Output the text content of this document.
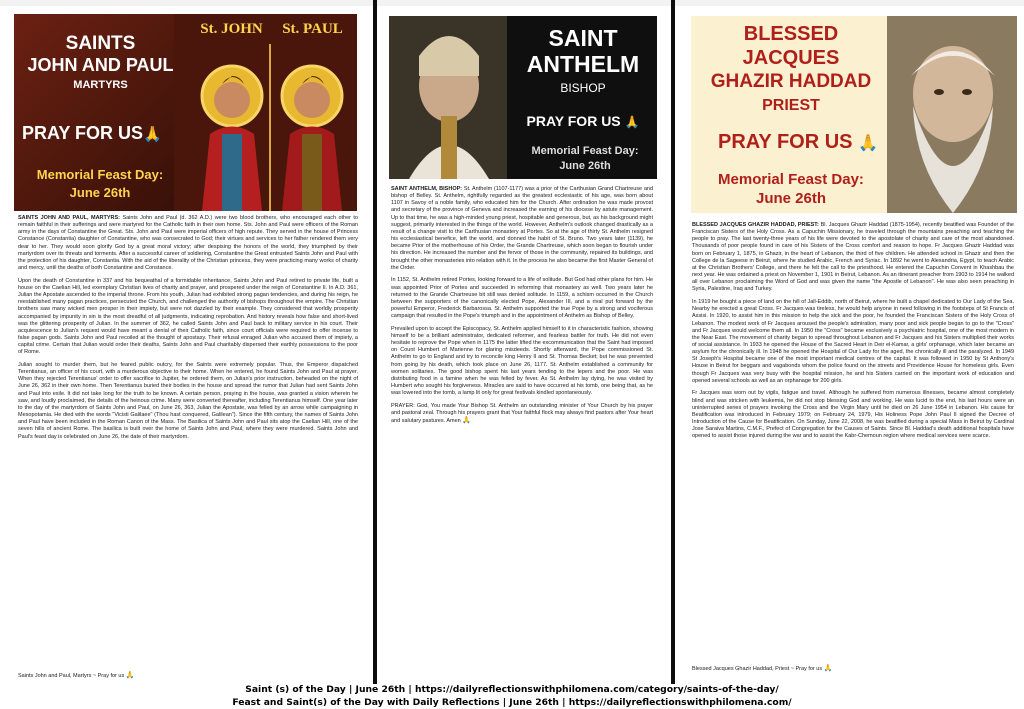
SAINTS
JOHN AND PAUL
MARTYRS
St. JOHN	St. PAUL
PRAY FOR US🙏
Memorial Feast Day:
June 26th

SAINTS JOHN AND PAUL, MARTYRS: Saints John and Paul (d. 362 A.D.) were two blood brothers, who encouraged each other to remain faithful in their sufferings and were martyred for the Catholic faith in their own home. Sts. John and Paul were officers of the Roman army in the days of Constantine the Great. Sts. John and Paul were imperial officers of high repute. They served in the house of Princess Constance (Constantia) daughter of Constantine, who was consecrated to God; their virtues and services to her father rendered them very dear to her. They would soon glorify God by a great moral victory; after despising the honors of the world, they triumphed by their martyrdom over its threats and torments. After a successful career of soldiering, Constantine the Great entrusted Saints John and Paul with the protection of his daughter, Constantia. With the aid of the liberality of the Christian princess, they were practicing many works of charity and mercy, until the deaths of both Constantine and Constance.

Upon the death of Constantine in 337 and his bequeathal of a formidable inheritance, Saints John and Paul retired to private life, built a house on the Caelian Hill, led exemplary Christian lives of charity and prayer, and prospered under the reign of Constantine II. In A.D. 361, Julian the Apostate ascended to the imperial throne. From his youth, Julian had exhibited strong pagan tendencies, and during his reign, he reestablished many pagan practices, persecuted the Church, and challenged the authority of bishops throughout the empire. The Christian brothers saw many wicked men prosper in their impiety, but were not dazzled by their example. They considered that worldly prosperity accompanied by impunity in sin is the most dreadful of all judgments, indicating reprobation. And history reveals how false and short-lived was the glittering prosperity of Julian. In the summer of 362, he called Saints John and Paul back to military service in his court. Their acquiescence to Julian's request would have meant a denial of their Catholic faith, since court officials were required to offer incense to false pagan gods. Saints John and Paul recoiled at the thought of apostasy. Their refusal enraged Julian who accused them of impiety, a capital crime. Certain that Julian would order their deaths, Saints John and Paul charitably dispersed their earthly possessions to the poor of Rome.

Julian sought to murder them, but he feared public outcry, for the Saints were extremely popular. Thus, the Emperor dispatched Terentianus, an officer of his court, with a murderous objective to their home. When he entered, he found Saints John and Paul at prayer. When they rejected Terentianus' order to offer sacrifice to Jupiter, he ordered them, on Julian's prior instruction, beheaded on the night of June 26, 362 in their own home. Then Terentianus buried their bodies in the house and spread the rumor that Julian had sent Saints John and Paul into exile. It did not take long for the truth to be known. A certain person, praying in the house, was granted a vision wherein he saw, and loudly proclaimed, the details of the heinous crime. Many were converted thereafter, including Terentianus himself. One year later to the day of the martyrdom of Saints John and Paul, on June 26, 363, Julian the Apostate, was felled by an arrow while campaigning in Mesopotamia. He died with the words "Vicisti Galilaee" (Thou hast conquered, Galilean"). Since the fifth century, the names of Saints John and Paul have been included in the Roman Canon of the Mass. The Basilica of Saints John and Paul sits atop the Caelian Hill, one of the seven hills of ancient Rome. The basilica is built over the home of Saints John and Paul, where they were murdered. Saints John and Paul's feast day is celebrated on June 26, the date of their martyrdom.

Saints John and Paul, Martyrs ~ Pray for us 🙏
SAINT
ANTHELM
BISHOP
PRAY FOR US 🙏
Memorial Feast Day:
June 26th

SAINT ANTHELM, BISHOP: St. Anthelm (1107-1177) was a prior of the Carthusian Grand Chartreuse and bishop of Belley. St. Anthelm, rightfully regarded as the greatest ecclesiastic of his age, was born about 1107 in Savoy of a noble family, who educated him for the Church. After ordination he was made provost and secretary of the province of Geneva and increased the earning of his diocese by astute management. Up to that time, he was a high-minded young priest, hospitable and generous, but, as his background might suggest, primarily interested in the things of the world. However, Anthelm's outlook changed drastically as a result of a change visit to the Carthusian monastery at Portes. So at the age of thirty St. Anthelm resigned his ecclesiastical benefice, left the world, and donned the habit of St. Bruno. Two years later (1139), he became Prior of the motherhouse of his Order, the Grande Chartreuse, which soon began to flourish under his direction. He increased the number and the fervor of those in the community, repaired its buildings, and brought the other monasteries into relation with it. In the process he also became the first Master General of the Order.

In 1152, St. Anthelm retired Portes, looking forward to a life of solitude. But God had other plans for him. He was appointed Prior of Portes and succeeded in reforming that monastery as well. Two years later he returned to the Grande Chartreuse bit still was denied solitude. In 1159, a schism occurred in the Church between the supporters of the canonically elected Pope, Alexander III, and a rival put forward by the powerful Emperor, Frederick Barbarossa. St. Anthelm supported the true Pope by a strong and vociferous campaign that resulted in the Pope's triumph and in the appointment of Anthelm as Bishop of Belley.

Prevailed upon to accept the Episcopacy, St. Anthelm applied himself to it in characteristic fashion, showing himself to be a brilliant administrator, dedicated reformer, and fearless battler for truth. He did not even hesitate to reprove the Pope when in 1175 the latter lifted the excommunication that the Saint had imposed on Count Humbert of Marienne for glaring misdeeds. Shortly afterward, the Pope commissioned St. Anthelm to go to England and try to reconcile king Henry II and St. Thomas Becket; but he was prevented from going by his death, which took place on June 26, 1177. St. Anthelm established a community for women solitaries. The good bishop spent his last years tending to the lepers and the poor. He was distributing food in a famine when he was felled by fever. As St. Anthelm lay dying, he was visited by Humbert who sought his forgiveness. Miracles are said to have occurred at his tomb, one being that, as he was lowered into the tomb, a lamp lit only for great festivals kindled spontaneously.

PRAYER: God, You made Your Bishop St. Anthelm an outstanding minister of Your Church by his prayer and pastoral zeal. Through his prayers grant that Your faithful flock may always find pastors after Your heart and salutary pastures. Amen 🙏

BLESSED
JACQUES
GHAZIR HADDAD
PRIEST
PRAY FOR US 🙏
Memorial Feast Day:
June 26th

BLESSED JACQUES GHAZIR HADDAD, PRIEST: Bl. Jacques Ghazir Haddad (1875-1954), recently beatified was Founder of the Franciscan Sisters of the Holy Cross. As a Capuchin Missionary, he traveled through the mountains preaching and teaching the people to pray. The last twenty-three years of his life were devoted to the apostolate of charity and care of the most abandoned. Thousands of poor people found in care of his Sisters of the Cross comfort and reason to hope. Fr Jacques Ghazir Haddad was born on February 1, 1875, in Ghazir, in the heart of Lebanon, the third of five children. He attended school in Ghazir and then the College de la Sageese in Beirut, where he studied Arabic, French and Syriac. In 1892 he went to Alexandria, Egypt, to teach Arabic at the Christian Brothers' College, and there he felt the call to the priesthood. He entered the Capuchin Convent in Khashbau the next year. He was ordained a priest on November 1, 1901 in Beirut, Lebanon. As an itinerant preacher from 1903 to 1914 he walked all over Lebanon proclaiming the Word of God and was given the name "the Apostle of Lebanon". He was also seen preaching in Syria, Palestine, Iraq and Turkey.

In 1919 he bought a piece of land on the hill of Jall-Eddib, north of Beirut, where he built a chapel dedicated to Our Lady of the Sea. Nearby he erected a great Cross. Fr Jacques was tireless, he would help anyone in need following in the footsteps of St Francis of Assisi. In 1920, to assist him in this mission to help the sick and the poor, he founded the Franciscan Sisters of the Holy Cross of Lebanon. The modest work of Fr Jacques aroused the people's admiration, many poor and sick people began to go to the "Cross" and Fr Jacques would welcome them all. In 1950 the "Cross" became exclusively a psychiatric hospital, one of the most modern in the Near East. The movement of charity began to spread throughout Lebanon and Fr Jacques and his Sisters multiplied their works of social assistance. In 1933 he opened the House of the Sacred Heart in Deir el-Kamar, a girls' orphanage, which later became an asylum for the chronically ill. In 1948 he opened the Hospital of Our Lady for the aged, the chronically ill and the paralyzed. In 1949 St Joseph's Hospital became one of the most important medical centres of the capital. It was followed in 1950 by St Anthony's House in Beirut for beggars and vagabonds whom the police found on the streets and Providence House for homeless girls. Even though Fr Jacques was very busy with the hospital mission, he and his Sisters carried on the important work of education and opened several schools as well as an orphanage for 200 girls.

Fr Jacques was worn out by vigils, fatigue and travel. Although he suffered from numerous illnesses, became almost completely blind and was stricken with leukemia, he did not stop blessing God and working. He was lucid to the end, his last hours were an uninterrupted series of prayers invoking the Cross and the Virgin Mary until he died on 26 June 1954 in Lebanon. His cause for Beatification was introduced in February 1979; on February 24, 1979, His Holiness Pope John Paul II signed the Decree of Introduction of the Cause for Beatification. On Sunday, June 22, 2008, he was beatified during a special Mass in Beirut by Cardinal Jose Saraiva Martins, C.M.F., Prefect of Congregation for the Causes of Saints. Since Bl. Haddad's death additional hospitals have opened to assist those injured during the war and to assist the Kabr-Chemoun region where medical services were scarce.

Blessed Jacques Ghazir Haddad, Priest ~ Pray for us 🙏
Saint (s) of the Day | June 26th | https://dailyreflectionswithphilomena.com/category/saints-of-the-day/
Feast and Saint(s) of the Day with Daily Reflections | June 26th | https://dailyreflectionswithphilomena.com/
